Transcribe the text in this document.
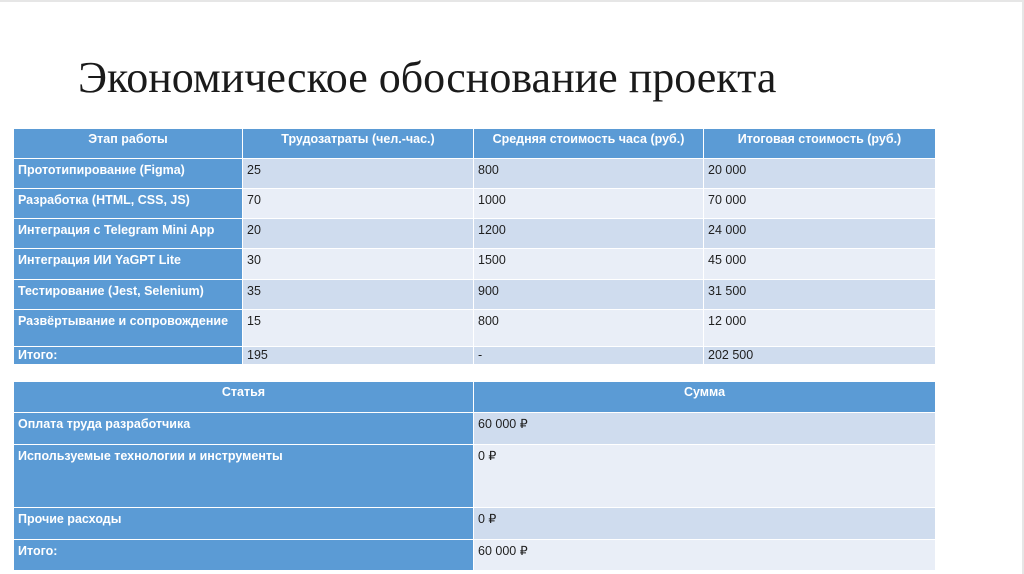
Экономическое обоснование проекта
Этап работы	Трудозатраты (чел.-час.)	Средняя стоимость часа (руб.)	Итоговая стоимость (руб.)
Прототипирование (Figma)	25	800	20 000
Разработка (HTML, CSS, JS)	70	1000	70 000
Интеграция с Telegram Mini App	20	1200	24 000
Интеграция ИИ YaGPT Lite	30	1500	45 000
Тестирование (Jest, Selenium)	35	900	31 500
Развёртывание и сопровождение	15	800	12 000
Итого:	195	-	202 500
Статья	Сумма
Оплата труда разработчика	60 000 ₽
Используемые технологии и инструменты	0 ₽
Прочие расходы	0 ₽
Итого:	60 000 ₽
